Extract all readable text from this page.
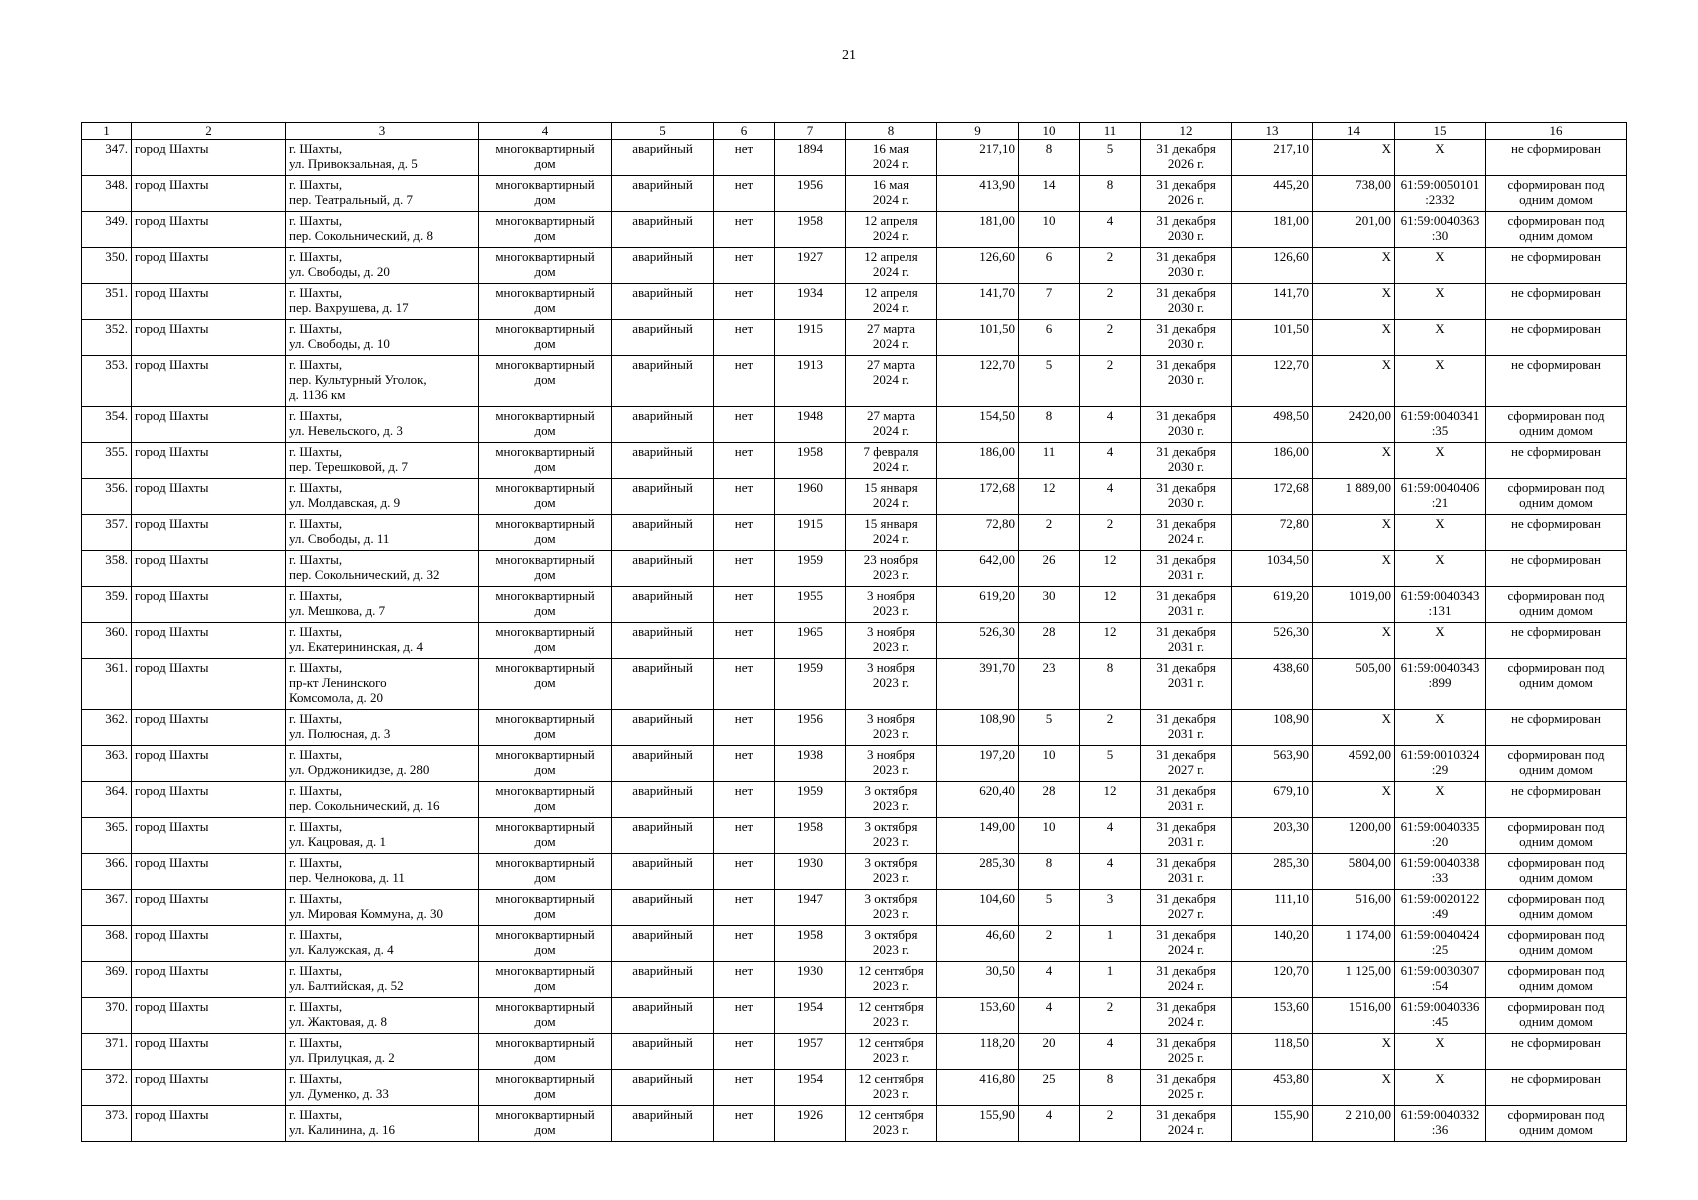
21
1	2	3	4	5	6	7	8	9	10	11	12	13	14	15	16
347.	город Шахты	г. Шахты,
ул. Привокзальная, д. 5	многоквартирный
дом	аварийный	нет	1894	16 мая
2024 г.	217,10	8	5	31 декабря
2026 г.	217,10	X	X	не сформирован

348.	город Шахты	г. Шахты,
пер. Театральный, д. 7	многоквартирный
дом	аварийный	нет	1956	16 мая
2024 г.	413,90	14	8	31 декабря
2026 г.	445,20	738,00	61:59:0050101
:2332	сформирован под
одним домом

349.	город Шахты	г. Шахты,
пер. Сокольнический, д. 8	многоквартирный
дом	аварийный	нет	1958	12 апреля
2024 г.	181,00	10	4	31 декабря
2030 г.	181,00	201,00	61:59:0040363
:30	сформирован под
одним домом

350.	город Шахты	г. Шахты,
ул. Свободы, д. 20	многоквартирный
дом	аварийный	нет	1927	12 апреля
2024 г.	126,60	6	2	31 декабря
2030 г.	126,60	X	X	не сформирован

351.	город Шахты	г. Шахты,
пер. Вахрушева, д. 17	многоквартирный
дом	аварийный	нет	1934	12 апреля
2024 г.	141,70	7	2	31 декабря
2030 г.	141,70	X	X	не сформирован

352.	город Шахты	г. Шахты,
ул. Свободы, д. 10	многоквартирный
дом	аварийный	нет	1915	27 марта
2024 г.	101,50	6	2	31 декабря
2030 г.	101,50	X	X	не сформирован

353.	город Шахты	г. Шахты,
пер. Культурный Уголок,
д. 1136 км	многоквартирный
дом	аварийный	нет	1913	27 марта
2024 г.	122,70	5	2	31 декабря
2030 г.	122,70	X	X	не сформирован

354.	город Шахты	г. Шахты,
ул. Невельского, д. 3	многоквартирный
дом	аварийный	нет	1948	27 марта
2024 г.	154,50	8	4	31 декабря
2030 г.	498,50	2420,00	61:59:0040341
:35	сформирован под
одним домом

355.	город Шахты	г. Шахты,
пер. Терешковой, д. 7	многоквартирный
дом	аварийный	нет	1958	7 февраля
2024 г.	186,00	11	4	31 декабря
2030 г.	186,00	X	X	не сформирован

356.	город Шахты	г. Шахты,
ул. Молдавская, д. 9	многоквартирный
дом	аварийный	нет	1960	15 января
2024 г.	172,68	12	4	31 декабря
2030 г.	172,68	1 889,00	61:59:0040406
:21	сформирован под
одним домом

357.	город Шахты	г. Шахты,
ул. Свободы, д. 11	многоквартирный
дом	аварийный	нет	1915	15 января
2024 г.	72,80	2	2	31 декабря
2024 г.	72,80	X	X	не сформирован

358.	город Шахты	г. Шахты,
пер. Сокольнический, д. 32	многоквартирный
дом	аварийный	нет	1959	23 ноября
2023 г.	642,00	26	12	31 декабря
2031 г.	1034,50	X	X	не сформирован

359.	город Шахты	г. Шахты,
ул. Мешкова, д. 7	многоквартирный
дом	аварийный	нет	1955	3 ноября
2023 г.	619,20	30	12	31 декабря
2031 г.	619,20	1019,00	61:59:0040343
:131	сформирован под
одним домом

360.	город Шахты	г. Шахты,
ул. Екатерининская, д. 4	многоквартирный
дом	аварийный	нет	1965	3 ноября
2023 г.	526,30	28	12	31 декабря
2031 г.	526,30	X	X	не сформирован

361.	город Шахты	г. Шахты,
пр-кт Ленинского
Комсомола, д. 20	многоквартирный
дом	аварийный	нет	1959	3 ноября
2023 г.	391,70	23	8	31 декабря
2031 г.	438,60	505,00	61:59:0040343
:899	сформирован под
одним домом

362.	город Шахты	г. Шахты,
ул. Полюсная, д. 3	многоквартирный
дом	аварийный	нет	1956	3 ноября
2023 г.	108,90	5	2	31 декабря
2031 г.	108,90	X	X	не сформирован

363.	город Шахты	г. Шахты,
ул. Орджоникидзе, д. 280	многоквартирный
дом	аварийный	нет	1938	3 ноября
2023 г.	197,20	10	5	31 декабря
2027 г.	563,90	4592,00	61:59:0010324
:29	сформирован под
одним домом

364.	город Шахты	г. Шахты,
пер. Сокольнический, д. 16	многоквартирный
дом	аварийный	нет	1959	3 октября
2023 г.	620,40	28	12	31 декабря
2031 г.	679,10	X	X	не сформирован

365.	город Шахты	г. Шахты,
ул. Кацровая, д. 1	многоквартирный
дом	аварийный	нет	1958	3 октября
2023 г.	149,00	10	4	31 декабря
2031 г.	203,30	1200,00	61:59:0040335
:20	сформирован под
одним домом

366.	город Шахты	г. Шахты,
пер. Челнокова, д. 11	многоквартирный
дом	аварийный	нет	1930	3 октября
2023 г.	285,30	8	4	31 декабря
2031 г.	285,30	5804,00	61:59:0040338
:33	сформирован под
одним домом

367.	город Шахты	г. Шахты,
ул. Мировая Коммуна, д. 30	многоквартирный
дом	аварийный	нет	1947	3 октября
2023 г.	104,60	5	3	31 декабря
2027 г.	111,10	516,00	61:59:0020122
:49	сформирован под
одним домом

368.	город Шахты	г. Шахты,
ул. Калужская, д. 4	многоквартирный
дом	аварийный	нет	1958	3 октября
2023 г.	46,60	2	1	31 декабря
2024 г.	140,20	1 174,00	61:59:0040424
:25	сформирован под
одним домом

369.	город Шахты	г. Шахты,
ул. Балтийская, д. 52	многоквартирный
дом	аварийный	нет	1930	12 сентября
2023 г.	30,50	4	1	31 декабря
2024 г.	120,70	1 125,00	61:59:0030307
:54	сформирован под
одним домом

370.	город Шахты	г. Шахты,
ул. Жактовая, д. 8	многоквартирный
дом	аварийный	нет	1954	12 сентября
2023 г.	153,60	4	2	31 декабря
2024 г.	153,60	1516,00	61:59:0040336
:45	сформирован под
одним домом

371.	город Шахты	г. Шахты,
ул. Прилуцкая, д. 2	многоквартирный
дом	аварийный	нет	1957	12 сентября
2023 г.	118,20	20	4	31 декабря
2025 г.	118,50	X	X	не сформирован

372.	город Шахты	г. Шахты,
ул. Думенко, д. 33	многоквартирный
дом	аварийный	нет	1954	12 сентября
2023 г.	416,80	25	8	31 декабря
2025 г.	453,80	X	X	не сформирован

373.	город Шахты	г. Шахты,
ул. Калинина, д. 16	многоквартирный
дом	аварийный	нет	1926	12 сентября
2023 г.	155,90	4	2	31 декабря
2024 г.	155,90	2 210,00	61:59:0040332
:36	сформирован под
одним домом
